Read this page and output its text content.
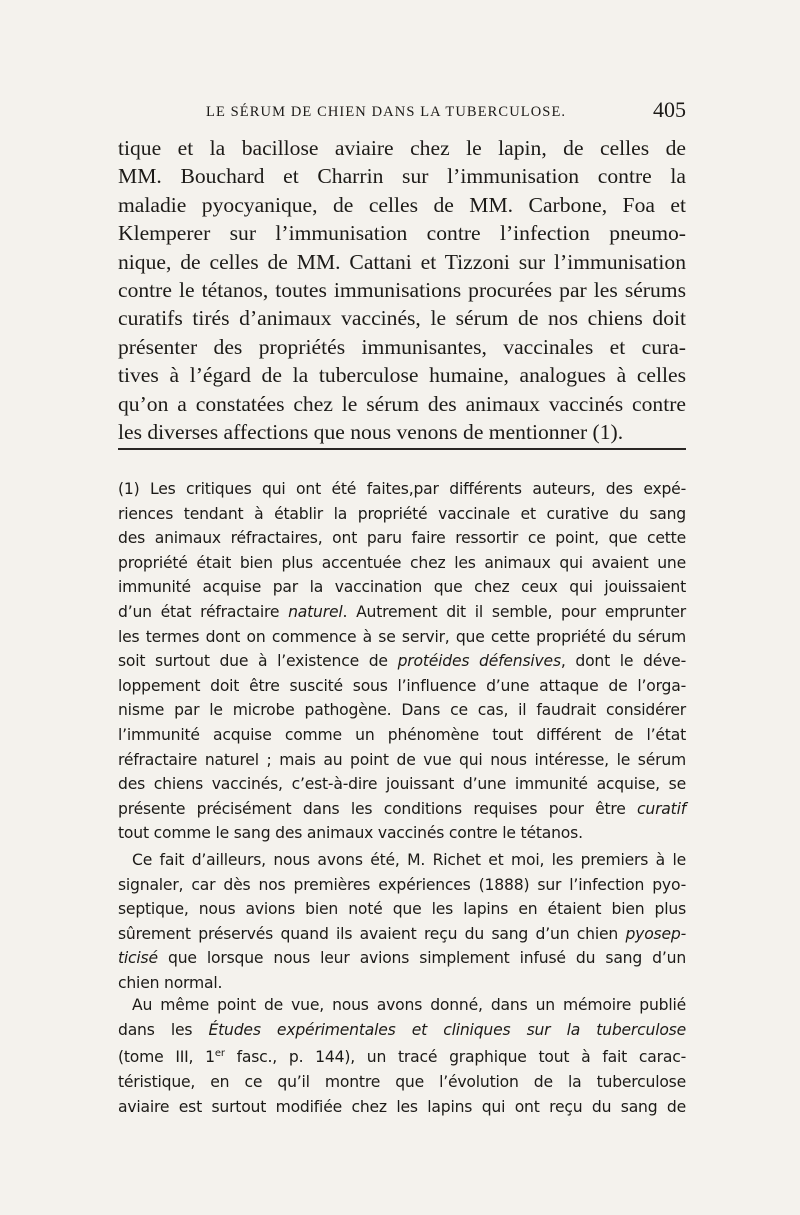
LE SÉRUM DE CHIEN DANS LA TUBERCULOSE.	405
tique et la bacillose aviaire chez le lapin, de celles de
MM. Bouchard et Charrin sur l’immunisation contre la
maladie pyocyanique, de celles de MM. Carbone, Foa et
Klemperer sur l’immunisation contre l’infection pneumo-
nique, de celles de MM. Cattani et Tizzoni sur l’immunisation
contre le tétanos, toutes immunisations procurées par les sérums
curatifs tirés d’animaux vaccinés, le sérum de nos chiens doit
présenter des propriétés immunisantes, vaccinales et cura-
tives à l’égard de la tuberculose humaine, analogues à celles
qu’on a constatées chez le sérum des animaux vaccinés contre
les diverses affections que nous venons de mentionner (1).
(1) Les critiques qui ont été faites,par différents auteurs, des expé-
riences tendant à établir la propriété vaccinale et curative du sang
des animaux réfractaires, ont paru faire ressortir ce point, que cette
propriété était bien plus accentuée chez les animaux qui avaient une
immunité acquise par la vaccination que chez ceux qui jouissaient
d’un état réfractaire naturel. Autrement dit il semble, pour emprunter
les termes dont on commence à se servir, que cette propriété du sérum
soit surtout due à l’existence de protéides défensives, dont le déve-
loppement doit être suscité sous l’influence d’une attaque de l’orga-
nisme par le microbe pathogène. Dans ce cas, il faudrait considérer
l’immunité acquise comme un phénomène tout différent de l’état
réfractaire naturel ; mais au point de vue qui nous intéresse, le sérum
des chiens vaccinés, c’est-à-dire jouissant d’une immunité acquise, se
présente précisément dans les conditions requises pour être curatif
tout comme le sang des animaux vaccinés contre le tétanos.
Ce fait d’ailleurs, nous avons été, M. Richet et moi, les premiers à le
signaler, car dès nos premières expériences (1888) sur l’infection pyo-
septique, nous avions bien noté que les lapins en étaient bien plus
sûrement préservés quand ils avaient reçu du sang d’un chien pyosep-
ticisé que lorsque nous leur avions simplement infusé du sang d’un
chien normal.
Au même point de vue, nous avons donné, dans un mémoire publié
dans les Études expérimentales et cliniques sur la tuberculose
(tome III, 1er fasc., p. 144), un tracé graphique tout à fait carac-
téristique, en ce qu’il montre que l’évolution de la tuberculose
aviaire est surtout modifiée chez les lapins qui ont reçu du sang de
